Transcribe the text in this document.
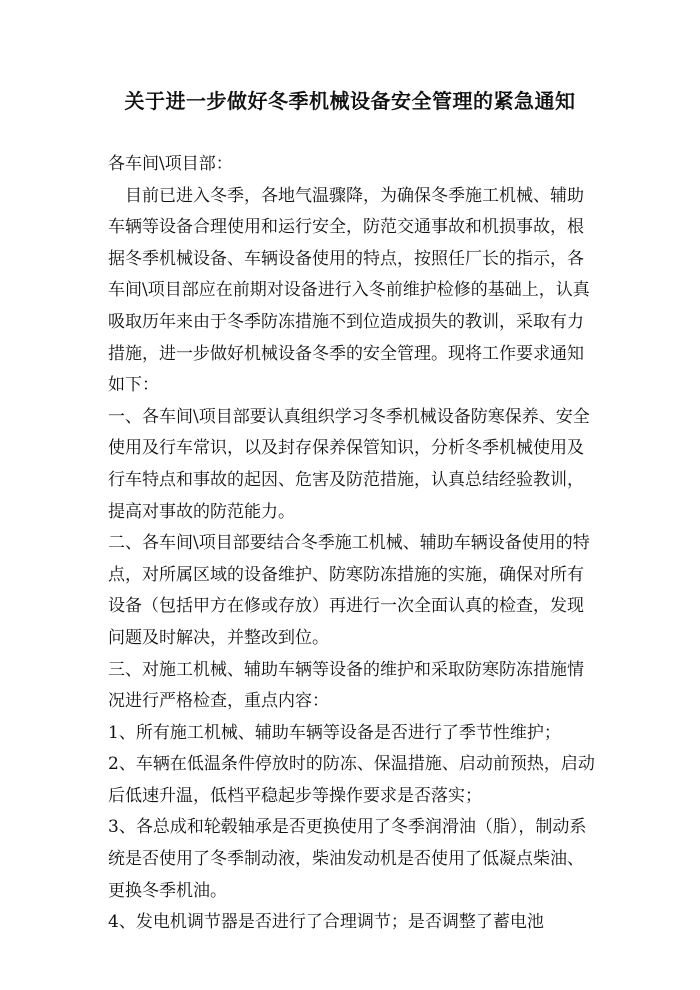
关于进一步做好冬季机械设备安全管理的紧急通知

各车间\项目部：

目前已进入冬季，各地气温骤降，为确保冬季施工机械、辅助车辆等设备合理使用和运行安全，防范交通事故和机损事故，根据冬季机械设备、车辆设备使用的特点，按照任厂长的指示，各车间\项目部应在前期对设备进行入冬前维护检修的基础上，认真吸取历年来由于冬季防冻措施不到位造成损失的教训，采取有力措施，进一步做好机械设备冬季的安全管理。现将工作要求通知如下：

一、各车间\项目部要认真组织学习冬季机械设备防寒保养、安全使用及行车常识，以及封存保养保管知识，分析冬季机械使用及行车特点和事故的起因、危害及防范措施，认真总结经验教训，提高对事故的防范能力。

二、各车间\项目部要结合冬季施工机械、辅助车辆设备使用的特点，对所属区域的设备维护、防寒防冻措施的实施，确保对所有设备（包括甲方在修或存放）再进行一次全面认真的检查，发现问题及时解决，并整改到位。

三、对施工机械、辅助车辆等设备的维护和采取防寒防冻措施情况进行严格检查，重点内容：

1、所有施工机械、辅助车辆等设备是否进行了季节性维护；

2、车辆在低温条件停放时的防冻、保温措施、启动前预热，启动后低速升温，低档平稳起步等操作要求是否落实；

3、各总成和轮毂轴承是否更换使用了冬季润滑油（脂），制动系统是否使用了冬季制动液，柴油发动机是否使用了低凝点柴油、更换冬季机油。

4、发电机调节器是否进行了合理调节；是否调整了蓄电池
